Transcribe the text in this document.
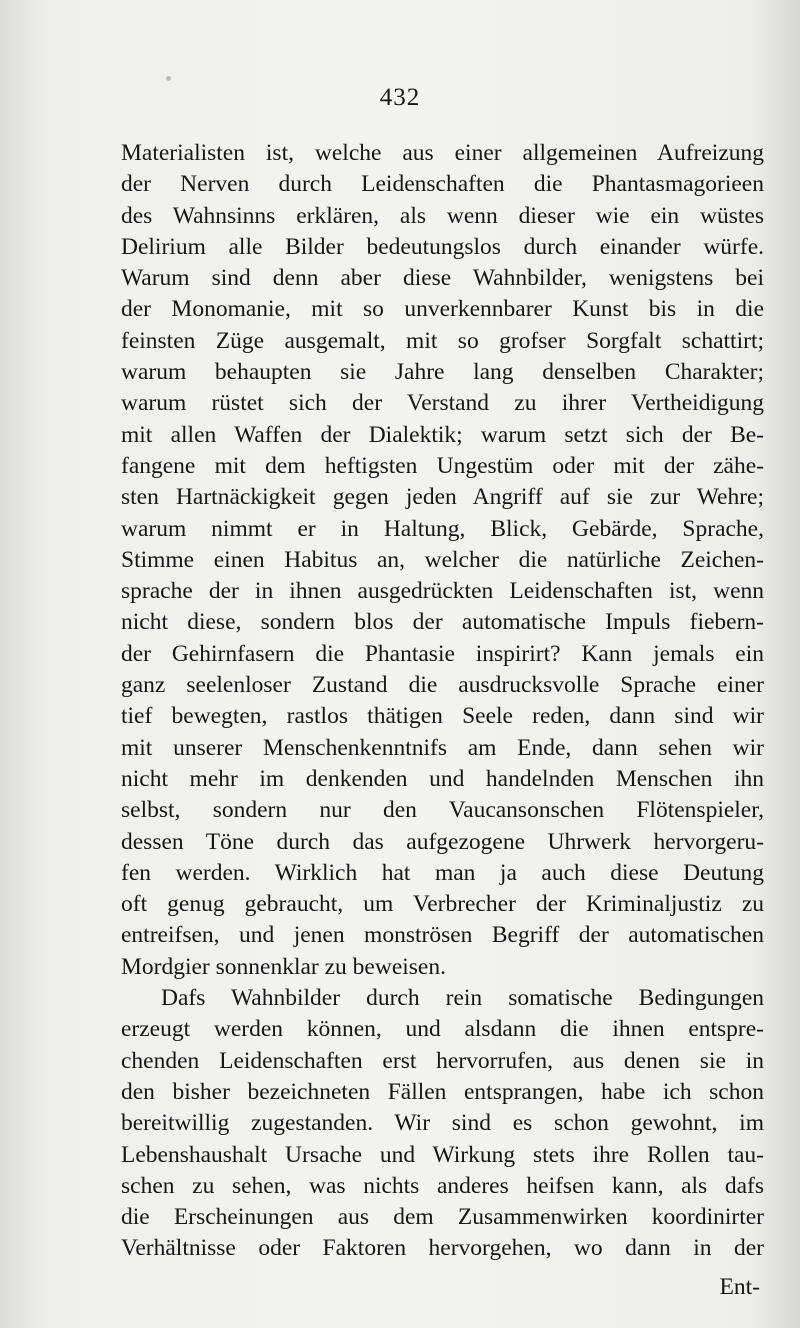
432
Materialisten ist, welche aus einer allgemeinen Aufreizung
der Nerven durch Leidenschaften die Phantasmagorieen
des Wahnsinns erklären, als wenn dieser wie ein wüstes
Delirium alle Bilder bedeutungslos durch einander würfe.
Warum sind denn aber diese Wahnbilder, wenigstens bei
der Monomanie, mit so unverkennbarer Kunst bis in die
feinsten Züge ausgemalt, mit so grofser Sorgfalt schattirt;
warum behaupten sie Jahre lang denselben Charakter;
warum rüstet sich der Verstand zu ihrer Vertheidigung
mit allen Waffen der Dialektik; warum setzt sich der Be-
fangene mit dem heftigsten Ungestüm oder mit der zähe-
sten Hartnäckigkeit gegen jeden Angriff auf sie zur Wehre;
warum nimmt er in Haltung, Blick, Gebärde, Sprache,
Stimme einen Habitus an, welcher die natürliche Zeichen-
sprache der in ihnen ausgedrückten Leidenschaften ist, wenn
nicht diese, sondern blos der automatische Impuls fiebern-
der Gehirnfasern die Phantasie inspirirt? Kann jemals ein
ganz seelenloser Zustand die ausdrucksvolle Sprache einer
tief bewegten, rastlos thätigen Seele reden, dann sind wir
mit unserer Menschenkenntnifs am Ende, dann sehen wir
nicht mehr im denkenden und handelnden Menschen ihn
selbst, sondern nur den Vaucansonschen Flötenspieler,
dessen Töne durch das aufgezogene Uhrwerk hervorgeru-
fen werden. Wirklich hat man ja auch diese Deutung
oft genug gebraucht, um Verbrecher der Kriminaljustiz zu
entreifsen, und jenen monströsen Begriff der automatischen
Mordgier sonnenklar zu beweisen.
Dafs Wahnbilder durch rein somatische Bedingungen
erzeugt werden können, und alsdann die ihnen entspre-
chenden Leidenschaften erst hervorrufen, aus denen sie in
den bisher bezeichneten Fällen entsprangen, habe ich schon
bereitwillig zugestanden. Wir sind es schon gewohnt, im
Lebenshaushalt Ursache und Wirkung stets ihre Rollen tau-
schen zu sehen, was nichts anderes heifsen kann, als dafs
die Erscheinungen aus dem Zusammenwirken koordinirter
Verhältnisse oder Faktoren hervorgehen, wo dann in der
Ent-
